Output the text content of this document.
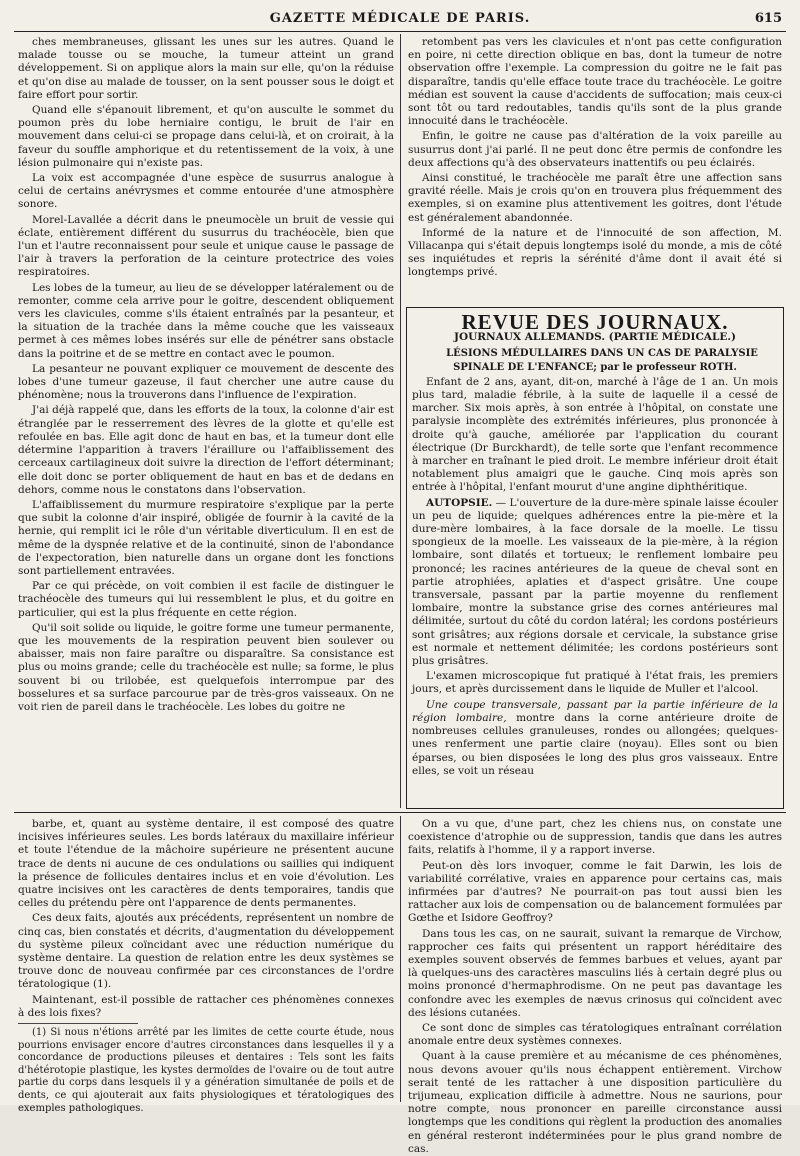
GAZETTE MÉDICALE DE PARIS.	615

ches membraneuses, glissant les unes sur les autres. Quand le malade tousse ou se mouche, la tumeur atteint un grand développement. Si on applique alors la main sur elle, qu'on la réduise et qu'on dise au malade de tousser, on la sent pousser sous le doigt et faire effort pour sortir.

Quand elle s'épanouit librement, et qu'on ausculte le sommet du poumon près du lobe herniaire contigu, le bruit de l'air en mouvement dans celui-ci se propage dans celui-là, et on croirait, à la faveur du souffle amphorique et du retentissement de la voix, à une lésion pulmonaire qui n'existe pas.

La voix est accompagnée d'une espèce de susurrus analogue à celui de certains anévrysmes et comme entourée d'une atmosphère sonore.

Morel-Lavallée a décrit dans le pneumocèle un bruit de vessie qui éclate, entièrement différent du susurrus du trachéocèle, bien que l'un et l'autre reconnaissent pour seule et unique cause le passage de l'air à travers la perforation de la ceinture protectrice des voies respiratoires.

Les lobes de la tumeur, au lieu de se développer latéralement ou de remonter, comme cela arrive pour le goitre, descendent obliquement vers les clavicules, comme s'ils étaient entraînés par la pesanteur, et la situation de la trachée dans la même couche que les vaisseaux permet à ces mêmes lobes insérés sur elle de pénétrer sans obstacle dans la poitrine et de se mettre en contact avec le poumon.

La pesanteur ne pouvant expliquer ce mouvement de descente des lobes d'une tumeur gazeuse, il faut chercher une autre cause du phénomène; nous la trouverons dans l'influence de l'expiration.

J'ai déjà rappelé que, dans les efforts de la toux, la colonne d'air est étranglée par le resserrement des lèvres de la glotte et qu'elle est refoulée en bas. Elle agit donc de haut en bas, et la tumeur dont elle détermine l'apparition à travers l'éraillure ou l'affaiblissement des cerceaux cartilagineux doit suivre la direction de l'effort déterminant; elle doit donc se porter obliquement de haut en bas et de dedans en dehors, comme nous le constatons dans l'observation.

L'affaiblissement du murmure respiratoire s'explique par la perte que subit la colonne d'air inspiré, obligée de fournir à la cavité de la hernie, qui remplit ici le rôle d'un véritable diverticulum. Il en est de même de la dyspnée relative et de la continuité, sinon de l'abondance de l'expectoration, bien naturelle dans un organe dont les fonctions sont partiellement entravées.

Par ce qui précède, on voit combien il est facile de distinguer le trachéocèle des tumeurs qui lui ressemblent le plus, et du goitre en particulier, qui est la plus fréquente en cette région.

Qu'il soit solide ou liquide, le goitre forme une tumeur permanente, que les mouvements de la respiration peuvent bien soulever ou abaisser, mais non faire paraître ou disparaître. Sa consistance est plus ou moins grande; celle du trachéocèle est nulle; sa forme, le plus souvent bi ou trilobée, est quelquefois interrompue par des bosselures et sa surface parcourue par de très-gros vaisseaux. On ne voit rien de pareil dans le trachéocèle. Les lobes du goitre ne

retombent pas vers les clavicules et n'ont pas cette configuration en poire, ni cette direction oblique en bas, dont la tumeur de notre observation offre l'exemple. La compression du goitre ne le fait pas disparaître, tandis qu'elle efface toute trace du trachéocèle. Le goitre médian est souvent la cause d'accidents de suffocation; mais ceux-ci sont tôt ou tard redoutables, tandis qu'ils sont de la plus grande innocuité dans le trachéocèle.

Enfin, le goitre ne cause pas d'altération de la voix pareille au susurrus dont j'ai parlé. Il ne peut donc être permis de confondre les deux affections qu'à des observateurs inattentifs ou peu éclairés.

Ainsi constitué, le trachéocèle me paraît être une affection sans gravité réelle. Mais je crois qu'on en trouvera plus fréquemment des exemples, si on examine plus attentivement les goitres, dont l'étude est généralement abandonnée.

Informé de la nature et de l'innocuité de son affection, M. Villacanpa qui s'était depuis longtemps isolé du monde, a mis de côté ses inquiétudes et repris la sérénité d'âme dont il avait été si longtemps privé.

REVUE DES JOURNAUX.
JOURNAUX ALLEMANDS. (PARTIE MÉDICALE.)

LÉSIONS MÉDULLAIRES DANS UN CAS DE PARALYSIE SPINALE DE L'ENFANCE; par le professeur ROTH.

Enfant de 2 ans, ayant, dit-on, marché à l'âge de 1 an. Un mois plus tard, maladie fébrile, à la suite de laquelle il a cessé de marcher. Six mois après, à son entrée à l'hôpital, on constate une paralysie incomplète des extrémités inférieures, plus prononcée à droite qu'à gauche, améliorée par l'application du courant électrique (Dr Burckhardt), de telle sorte que l'enfant recommence à marcher en traînant le pied droit. Le membre inférieur droit était notablement plus amaigri que le gauche. Cinq mois après son entrée à l'hôpital, l'enfant mourut d'une angine diphthéritique.

AUTOPSIE. — L'ouverture de la dure-mère spinale laisse écouler un peu de liquide; quelques adhérences entre la pie-mère et la dure-mère lombaires, à la face dorsale de la moelle. Le tissu spongieux de la moelle. Les vaisseaux de la pie-mère, à la région lombaire, sont dilatés et tortueux; le renflement lombaire peu prononcé; les racines antérieures de la queue de cheval sont en partie atrophiées, aplaties et d'aspect grisâtre. Une coupe transversale, passant par la partie moyenne du renflement lombaire, montre la substance grise des cornes antérieures mal délimitée, surtout du côté du cordon latéral; les cordons postérieurs sont grisâtres; aux régions dorsale et cervicale, la substance grise est normale et nettement délimitée; les cordons postérieurs sont plus grisâtres.

L'examen microscopique fut pratiqué à l'état frais, les premiers jours, et après durcissement dans le liquide de Muller et l'alcool.

Une coupe transversale, passant par la partie inférieure de la région lombaire, montre dans la corne antérieure droite de nombreuses cellules granuleuses, rondes ou allongées; quelques-unes renferment une partie claire (noyau). Elles sont ou bien éparses, ou bien disposées le long des plus gros vaisseaux. Entre elles, se voit un réseau

barbe, et, quant au système dentaire, il est composé des quatre incisives inférieures seules. Les bords latéraux du maxillaire inférieur et toute l'étendue de la mâchoire supérieure ne présentent aucune trace de dents ni aucune de ces ondulations ou saillies qui indiquent la présence de follicules dentaires inclus et en voie d'évolution. Les quatre incisives ont les caractères de dents temporaires, tandis que celles du prétendu père ont l'apparence de dents permanentes.

Ces deux faits, ajoutés aux précédents, représentent un nombre de cinq cas, bien constatés et décrits, d'augmentation du développement du système pileux coïncidant avec une réduction numérique du système dentaire. La question de relation entre les deux systèmes se trouve donc de nouveau confirmée par ces circonstances de l'ordre tératologique (1).

Maintenant, est-il possible de rattacher ces phénomènes connexes à des lois fixes?

(1) Si nous n'étions arrêté par les limites de cette courte étude, nous pourrions envisager encore d'autres circonstances dans lesquelles il y a concordance de productions pileuses et dentaires : Tels sont les faits d'hétérotopie plastique, les kystes dermoïdes de l'ovaire ou de tout autre partie du corps dans lesquels il y a génération simultanée de poils et de dents, ce qui ajouterait aux faits physiologiques et tératologiques des exemples pathologiques.

On a vu que, d'une part, chez les chiens nus, on constate une coexistence d'atrophie ou de suppression, tandis que dans les autres faits, relatifs à l'homme, il y a rapport inverse.

Peut-on dès lors invoquer, comme le fait Darwin, les lois de variabilité corrélative, vraies en apparence pour certains cas, mais infirmées par d'autres? Ne pourrait-on pas tout aussi bien les rattacher aux lois de compensation ou de balancement formulées par Gœthe et Isidore Geoffroy?

Dans tous les cas, on ne saurait, suivant la remarque de Virchow, rapprocher ces faits qui présentent un rapport héréditaire des exemples souvent observés de femmes barbues et velues, ayant par là quelques-uns des caractères masculins liés à certain degré plus ou moins prononcé d'hermaphrodisme. On ne peut pas davantage les confondre avec les exemples de nævus crinosus qui coïncident avec des lésions cutanées.

Ce sont donc de simples cas tératologiques entraînant corrélation anomale entre deux systèmes connexes.

Quant à la cause première et au mécanisme de ces phénomènes, nous devons avouer qu'ils nous échappent entièrement. Virchow serait tenté de les rattacher à une disposition particulière du trijumeau, explication difficile à admettre. Nous ne saurions, pour notre compte, nous prononcer en pareille circonstance aussi longtemps que les conditions qui règlent la production des anomalies en général resteront indéterminées pour le plus grand nombre de cas.
